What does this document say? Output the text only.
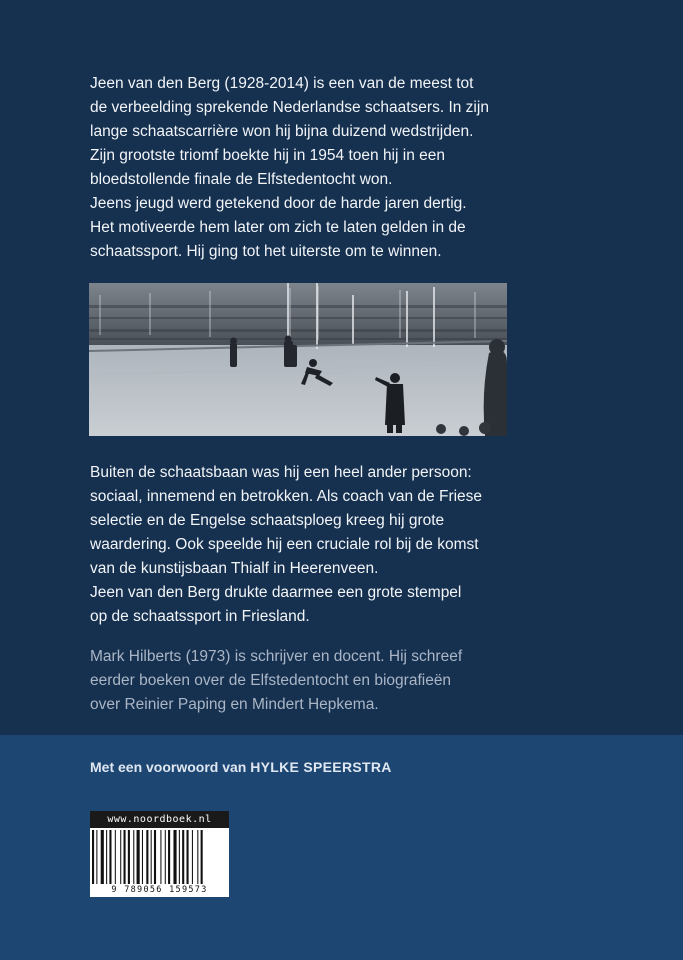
Jeen van den Berg (1928-2014) is een van de meest tot

de verbeelding sprekende Nederlandse schaatsers. In zijn

lange schaatscarrière won hij bijna duizend wedstrijden.

Zijn grootste triomf boekte hij in 1954 toen hij in een

bloedstollende finale de Elfstedentocht won.

Jeens jeugd werd getekend door de harde jaren dertig.

Het motiveerde hem later om zich te laten gelden in de

schaatssport. Hij ging tot het uiterste om te winnen.

Buiten de schaatsbaan was hij een heel ander persoon:

sociaal, innemend en betrokken. Als coach van de Friese

selectie en de Engelse schaatsploeg kreeg hij grote

waardering. Ook speelde hij een cruciale rol bij de komst

van de kunstijsbaan Thialf in Heerenveen.

Jeen van den Berg drukte daarmee een grote stempel

op de schaatssport in Friesland.

Mark Hilberts (1973) is schrijver en docent. Hij schreef

eerder boeken over de Elfstedentocht en biografieën

over Reinier Paping en Mindert Hepkema.

Met een voorwoord van HYLKE SPEERSTRA
www.noordboek.nl
9 789056 159573
